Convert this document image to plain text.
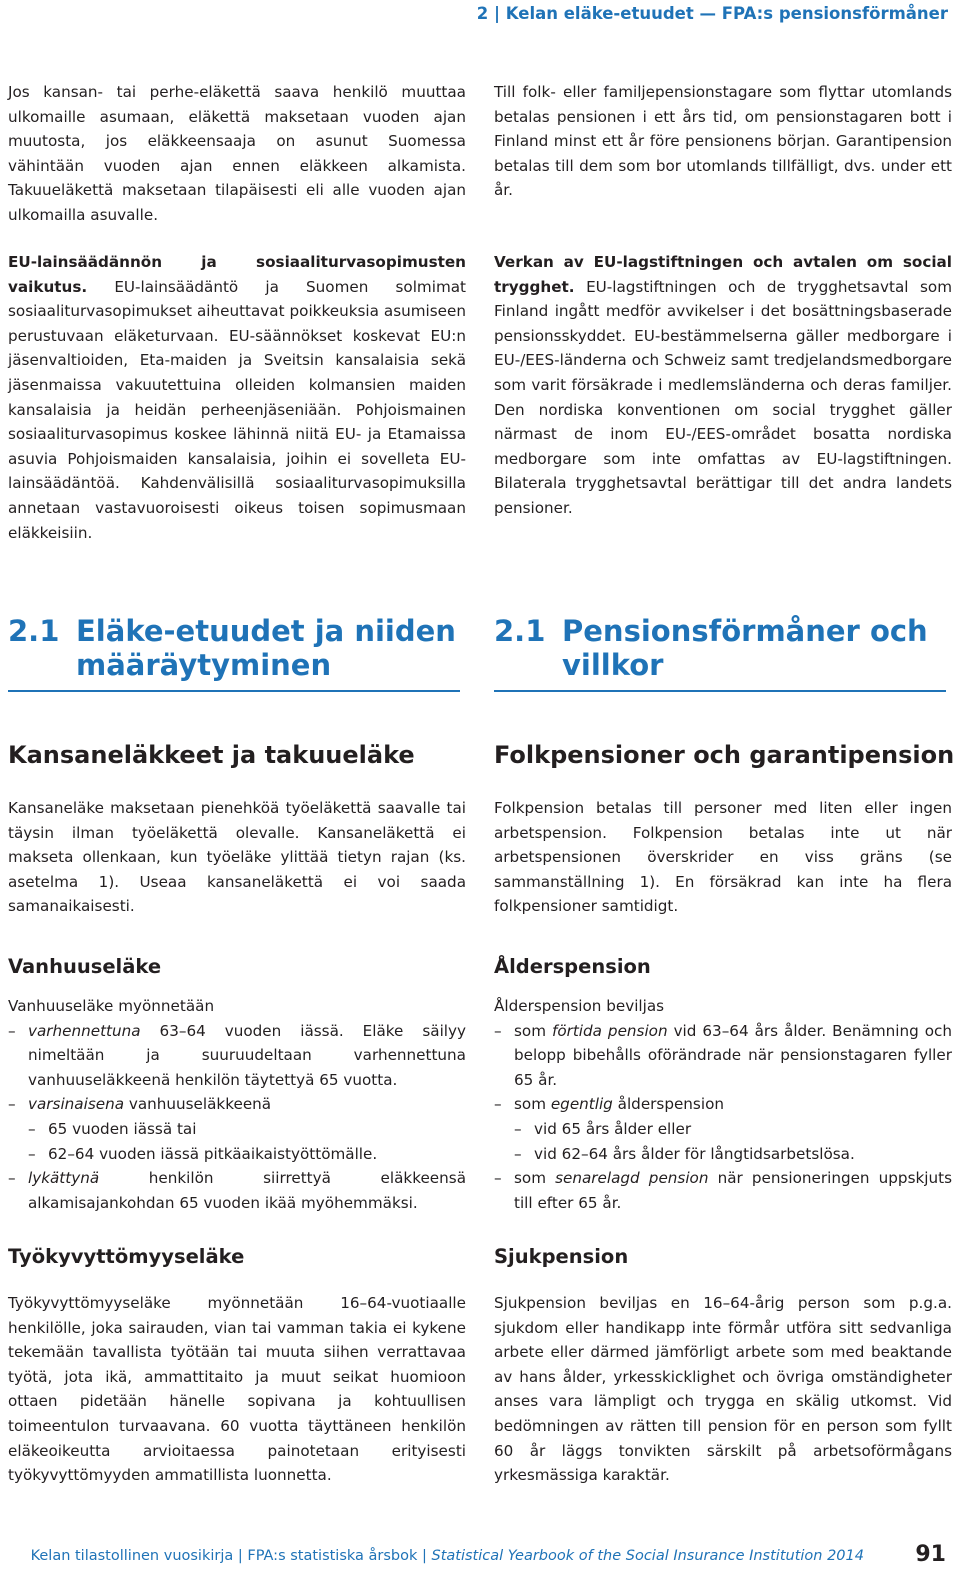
2 | Kelan eläke-etuudet — FPA:s pensionsförmåner

Jos kansan- tai perhe-eläkettä saava henkilö muuttaa ulkomaille asumaan, eläkettä maksetaan vuoden ajan muutosta, jos eläkkeensaaja on asunut Suomessa vähintään vuoden ajan ennen eläkkeen alkamista. Takuueläkettä maksetaan tilapäisesti eli alle vuoden ajan ulkomailla asuvalle.

EU-lainsäädännön ja sosiaaliturvasopimusten vaikutus. EU-lainsäädäntö ja Suomen solmimat sosiaaliturvasopimukset aiheuttavat poikkeuksia asumiseen perustuvaan eläketurvaan. EU-säännökset koskevat EU:n jäsenvaltioiden, Eta-maiden ja Sveitsin kansalaisia sekä jäsenmaissa vakuutettuina olleiden kolmansien maiden kansalaisia ja heidän perheenjäseniään. Pohjoismainen sosiaaliturvasopimus koskee lähinnä niitä EU- ja Etamaissa asuvia Pohjoismaiden kansalaisia, joihin ei sovelleta EU-lainsäädäntöä. Kahdenvälisillä sosiaaliturvasopimuksilla annetaan vastavuoroisesti oikeus toisen sopimusmaan eläkkeisiin.

Till folk- eller familjepensionstagare som flyttar utomlands betalas pensionen i ett års tid, om pensionstagaren bott i Finland minst ett år före pensionens början. Garantipension betalas till dem som bor utomlands tillfälligt, dvs. under ett år.

Verkan av EU-lagstiftningen och avtalen om social trygghet. EU-lagstiftningen och de trygghetsavtal som Finland ingått medför avvikelser i det bosättningsbaserade pensionsskyddet. EU-bestämmelserna gäller medborgare i EU-/EES-länderna och Schweiz samt tredjelandsmedborgare som varit försäkrade i medlemsländerna och deras familjer. Den nordiska konventionen om social trygghet gäller närmast de inom EU-/EES-området bosatta nordiska medborgare som inte omfattas av EU-lagstiftningen. Bilaterala trygghetsavtal berättigar till det andra landets pensioner.

2.1 Eläke-etuudet ja niiden
määräytyminen
2.1 Pensionsförmåner och
villkor
Kansaneläkkeet ja takuueläke

Kansaneläke maksetaan pienehköä työeläkettä saavalle tai täysin ilman työeläkettä olevalle. Kansaneläkettä ei makseta ollenkaan, kun työeläke ylittää tietyn rajan (ks. asetelma 1). Useaa kansaneläkettä ei voi saada samanaikaisesti.

Folkpensioner och garantipension

Folkpension betalas till personer med liten eller ingen arbetspension. Folkpension betalas inte ut när arbetspensionen överskrider en viss gräns (se sammanställning 1). En försäkrad kan inte ha flera folkpensioner samtidigt.

Vanhuuseläke

Vanhuuseläke myönnetään

– varhennettuna 63–64 vuoden iässä. Eläke säilyy nimeltään ja suuruudeltaan varhennettuna vanhuuseläkkeenä henkilön täytettyä 65 vuotta.
– varsinaisena vanhuuseläkkeenä
– 65 vuoden iässä tai
– 62–64 vuoden iässä pitkäaikaistyöttömälle.
– lykättynä henkilön siirrettyä eläkkeensä alkamisajankohdan 65 vuoden ikää myöhemmäksi.
Ålderspension

Ålderspension beviljas

– som förtida pension vid 63–64 års ålder. Benämning och belopp bibehålls oförändrade när pensionstagaren fyller 65 år.
– som egentlig ålderspension
– vid 65 års ålder eller
– vid 62–64 års ålder för långtidsarbetslösa.
– som senarelagd pension när pensioneringen uppskjuts till efter 65 år.
Työkyvyttömyyseläke

Työkyvyttömyyseläke myönnetään 16–64-vuotiaalle henkilölle, joka sairauden, vian tai vamman takia ei kykene tekemään tavallista työtään tai muuta siihen verrattavaa työtä, jota ikä, ammattitaito ja muut seikat huomioon ottaen pidetään hänelle sopivana ja kohtuullisen toimeentulon turvaavana. 60 vuotta täyttäneen henkilön eläkeoikeutta arvioitaessa painotetaan erityisesti työkyvyttömyyden ammatillista luonnetta.

Sjukpension

Sjukpension beviljas en 16–64-årig person som p.g.a. sjukdom eller handikapp inte förmår utföra sitt sedvanliga arbete eller därmed jämförligt arbete som med beaktande av hans ålder, yrkesskicklighet och övriga omständigheter anses vara lämpligt och trygga en skälig utkomst. Vid bedömningen av rätten till pension för en person som fyllt 60 år läggs tonvikten särskilt på arbetsoförmågans yrkesmässiga karaktär.

Kelan tilastollinen vuosikirja | FPA:s statistiska årsbok | Statistical Yearbook of the Social Insurance Institution 2014 91
